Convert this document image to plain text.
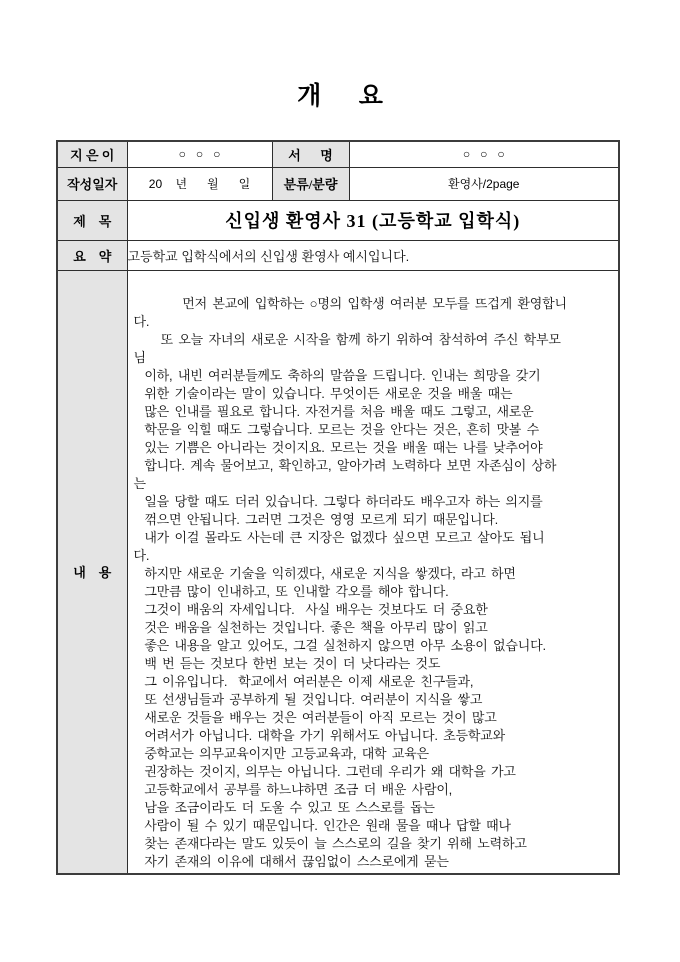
개      요
지 은 이	○   ○   ○	서      명	○   ○   ○
작성일자	20    년      월      일	분류/분량	환영사/2page
제    목	신입생 환영사 31 (고등학교 입학식)		
요    약	고등학교 입학식에서의 신입생 환영사 예시입니다.		
내    용	
먼저 본교에 입학하는 ○명의 입학생 여러분 모두를 뜨겁게 환영합니
다.
또 오늘 자녀의 새로운 시작을 함께 하기 위하여 참석하여 주신 학부모
님
이하, 내빈 여러분들께도 축하의 말씀을 드립니다. 인내는 희망을 갖기
위한 기술이라는 말이 있습니다. 무엇이든 새로운 것을 배울 때는
많은 인내를 필요로 합니다. 자전거를 처음 배울 때도 그렇고, 새로운
학문을 익힐 때도 그렇습니다. 모르는 것을 안다는 것은, 흔히 맛볼 수
있는 기쁨은 아니라는 것이지요. 모르는 것을 배울 때는 나를 낮추어야
합니다. 계속 물어보고, 확인하고, 알아가려 노력하다 보면 자존심이 상하
는
일을 당할 때도 더러 있습니다. 그렇다 하더라도 배우고자 하는 의지를
꺾으면 안됩니다. 그러면 그것은 영영 모르게 되기 때문입니다.
내가 이걸 몰라도 사는데 큰 지장은 없겠다 싶으면 모르고 살아도 됩니
다.
하지만 새로운 기술을 익히겠다, 새로운 지식을 쌓겠다, 라고 하면
그만큼 많이 인내하고, 또 인내할 각오를 해야 합니다.
그것이 배움의 자세입니다.  사실 배우는 것보다도 더 중요한
것은 배움을 실천하는 것입니다. 좋은 책을 아무리 많이 읽고
좋은 내용을 알고 있어도, 그걸 실천하지 않으면 아무 소용이 없습니다.
백 번 듣는 것보다 한번 보는 것이 더 낫다라는 것도
그 이유입니다.  학교에서 여러분은 이제 새로운 친구들과,
또 선생님들과 공부하게 될 것입니다. 여러분이 지식을 쌓고
새로운 것들을 배우는 것은 여러분들이 아직 모르는 것이 많고
어려서가 아닙니다. 대학을 가기 위해서도 아닙니다. 초등학교와
중학교는 의무교육이지만 고등교육과, 대학 교육은
권장하는 것이지, 의무는 아닙니다. 그런데 우리가 왜 대학을 가고
고등학교에서 공부를 하느냐하면 조금 더 배운 사람이,
남을 조금이라도 더 도울 수 있고 또 스스로를 돕는
사람이 될 수 있기 때문입니다. 인간은 원래 물을 때나 답할 때나
찾는 존재다라는 말도 있듯이 늘 스스로의 길을 찾기 위해 노력하고
자기 존재의 이유에 대해서 끊임없이 스스로에게 묻는
